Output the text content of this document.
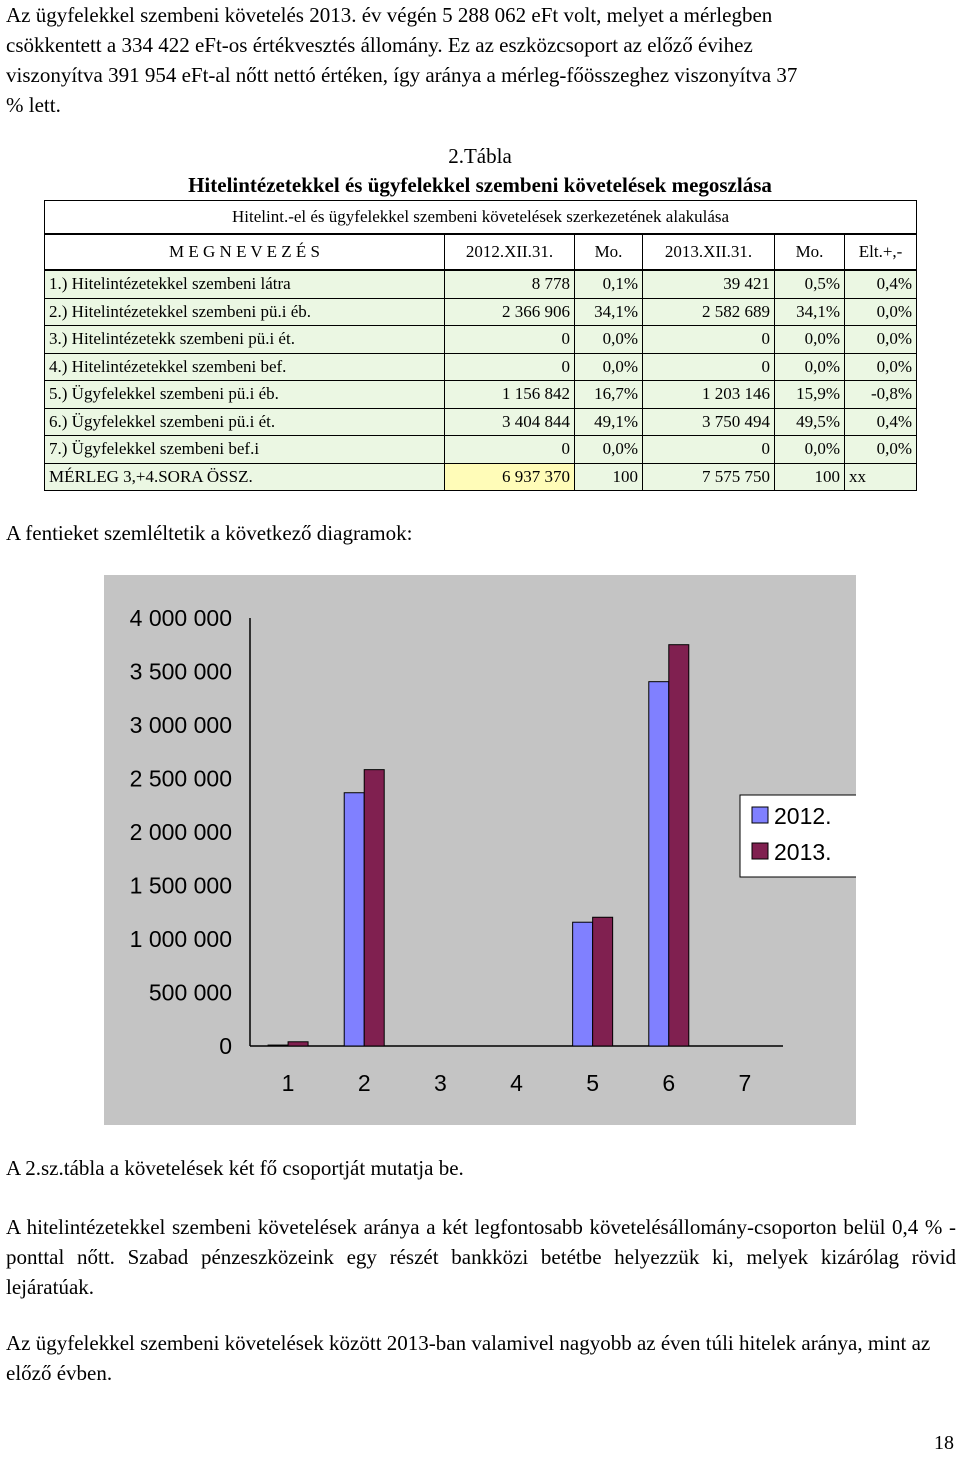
Az ügyfelekkel szembeni követelés 2013. év végén 5 288 062 eFt volt, melyet a mérlegben
csökkentett a 334 422 eFt-os értékvesztés állomány. Ez az eszközcsoport az előző évihez
viszonyítva 391 954 eFt-al nőtt nettó értéken, így aránya a mérleg-főösszeghez viszonyítva 37
% lett.
2.Tábla
Hitelintézetekkel és ügyfelekkel szembeni követelések megoszlása
Hitelint.-el és ügyfelekkel szembeni követelések szerkezetének alakulása					
M E G N E V E Z É S	2012.XII.31.	Mo.	2013.XII.31.	Mo.	Elt.+,-
1.) Hitelintézetekkel szembeni látra	8 778	0,1%	39 421	0,5%	0,4%
2.) Hitelintézetekkel szembeni pü.i éb.	2 366 906	34,1%	2 582 689	34,1%	0,0%
3.) Hitelintézetekk szembeni pü.i ét.	0	0,0%	0	0,0%	0,0%
4.) Hitelintézetekkel szembeni bef.	0	0,0%	0	0,0%	0,0%
5.) Ügyfelekkel szembeni pü.i éb.	1 156 842	16,7%	1 203 146	15,9%	-0,8%
6.) Ügyfelekkel szembeni pü.i ét.	3 404 844	49,1%	3 750 494	49,5%	0,4%
7.) Ügyfelekkel szembeni bef.i	0	0,0%	0	0,0%	0,0%
MÉRLEG 3,+4.SORA ÖSSZ.	6 937 370	100	7 575 750	100	xx
A fentieket szemléltetik a következő diagramok:
0
500 000
1 000 000
1 500 000
2 000 000
2 500 000
3 000 000
3 500 000
4 000 000
1	2	3	4	5	6	7
2012.
2013.
A 2.sz.tábla a követelések két fő csoportját mutatja be.

A hitelintézetekkel szembeni követelések aránya a két legfontosabb követelésállomány-csoporton belül 0,4 % -ponttal nőtt. Szabad pénzeszközeink egy részét bankközi betétbe helyezzük ki, melyek kizárólag rövid lejáratúak.

Az ügyfelekkel szembeni követelések között 2013-ban valamivel nagyobb az éven túli hitelek aránya, mint az előző évben.

18
